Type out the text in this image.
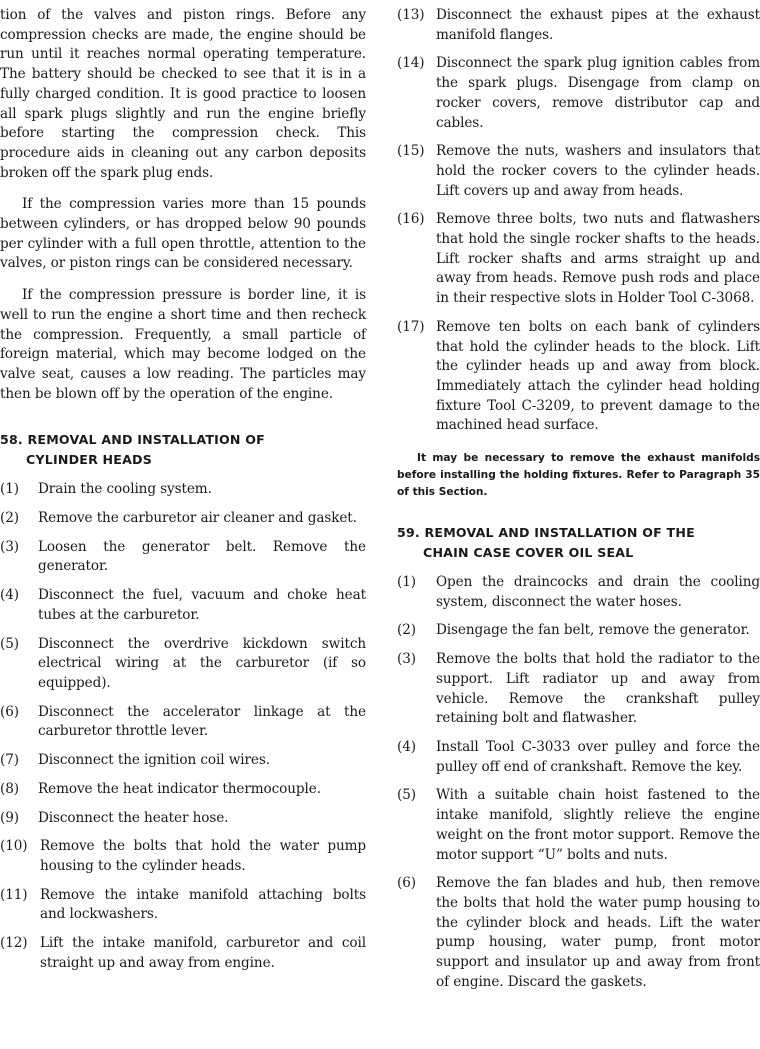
tion of the valves and piston rings. Before any compression checks are made, the engine should be run until it reaches normal operating temperature. The battery should be checked to see that it is in a fully charged condition. It is good practice to loosen all spark plugs slightly and run the engine briefly before starting the compression check. This procedure aids in cleaning out any carbon deposits broken off the spark plug ends.

If the compression varies more than 15 pounds between cylinders, or has dropped below 90 pounds per cylinder with a full open throttle, attention to the valves, or piston rings can be considered necessary.

If the compression pressure is border line, it is well to run the engine a short time and then recheck the compression. Frequently, a small particle of foreign material, which may become lodged on the valve seat, causes a low reading. The particles may then be blown off by the operation of the engine.

58. REMOVAL AND INSTALLATION OF
CYLINDER HEADS
(1)	Drain the cooling system.
(2)	Remove the carburetor air cleaner and gasket.
(3)	Loosen the generator belt. Remove the generator.
(4)	Disconnect the fuel, vacuum and choke heat tubes at the carburetor.
(5)	Disconnect the overdrive kickdown switch electrical wiring at the carburetor (if so equipped).
(6)	Disconnect the accelerator linkage at the carburetor throttle lever.
(7)	Disconnect the ignition coil wires.
(8)	Remove the heat indicator thermocouple.
(9)	Disconnect the heater hose.
(10) Remove the bolts that hold the water pump housing to the cylinder heads.
(11) Remove the intake manifold attaching bolts and lockwashers.
(12) Lift the intake manifold, carburetor and coil straight up and away from engine.
(13) Disconnect the exhaust pipes at the exhaust manifold flanges.
(14) Disconnect the spark plug ignition cables from the spark plugs. Disengage from clamp on rocker covers, remove distributor cap and cables.
(15) Remove the nuts, washers and insulators that hold the rocker covers to the cylinder heads. Lift covers up and away from heads.
(16) Remove three bolts, two nuts and flatwashers that hold the single rocker shafts to the heads. Lift rocker shafts and arms straight up and away from heads. Remove push rods and place in their respective slots in Holder Tool C-3068.
(17) Remove ten bolts on each bank of cylinders that hold the cylinder heads to the block. Lift the cylinder heads up and away from block. Immediately attach the cylinder head holding fixture Tool C-3209, to prevent damage to the machined head surface.

It may be necessary to remove the exhaust manifolds before installing the holding fixtures. Refer to Paragraph 35 of this Section.

59. REMOVAL AND INSTALLATION OF THE
CHAIN CASE COVER OIL SEAL
(1)	Open the draincocks and drain the cooling system, disconnect the water hoses.
(2)	Disengage the fan belt, remove the generator.
(3)	Remove the bolts that hold the radiator to the support. Lift radiator up and away from vehicle. Remove the crankshaft pulley retaining bolt and flatwasher.
(4)	Install Tool C-3033 over pulley and force the pulley off end of crankshaft. Remove the key.
(5)	With a suitable chain hoist fastened to the intake manifold, slightly relieve the engine weight on the front motor support. Remove the motor support “U” bolts and nuts.
(6)	Remove the fan blades and hub, then remove the bolts that hold the water pump housing to the cylinder block and heads. Lift the water pump housing, water pump, front motor support and insulator up and away from front of engine. Discard the gaskets.
